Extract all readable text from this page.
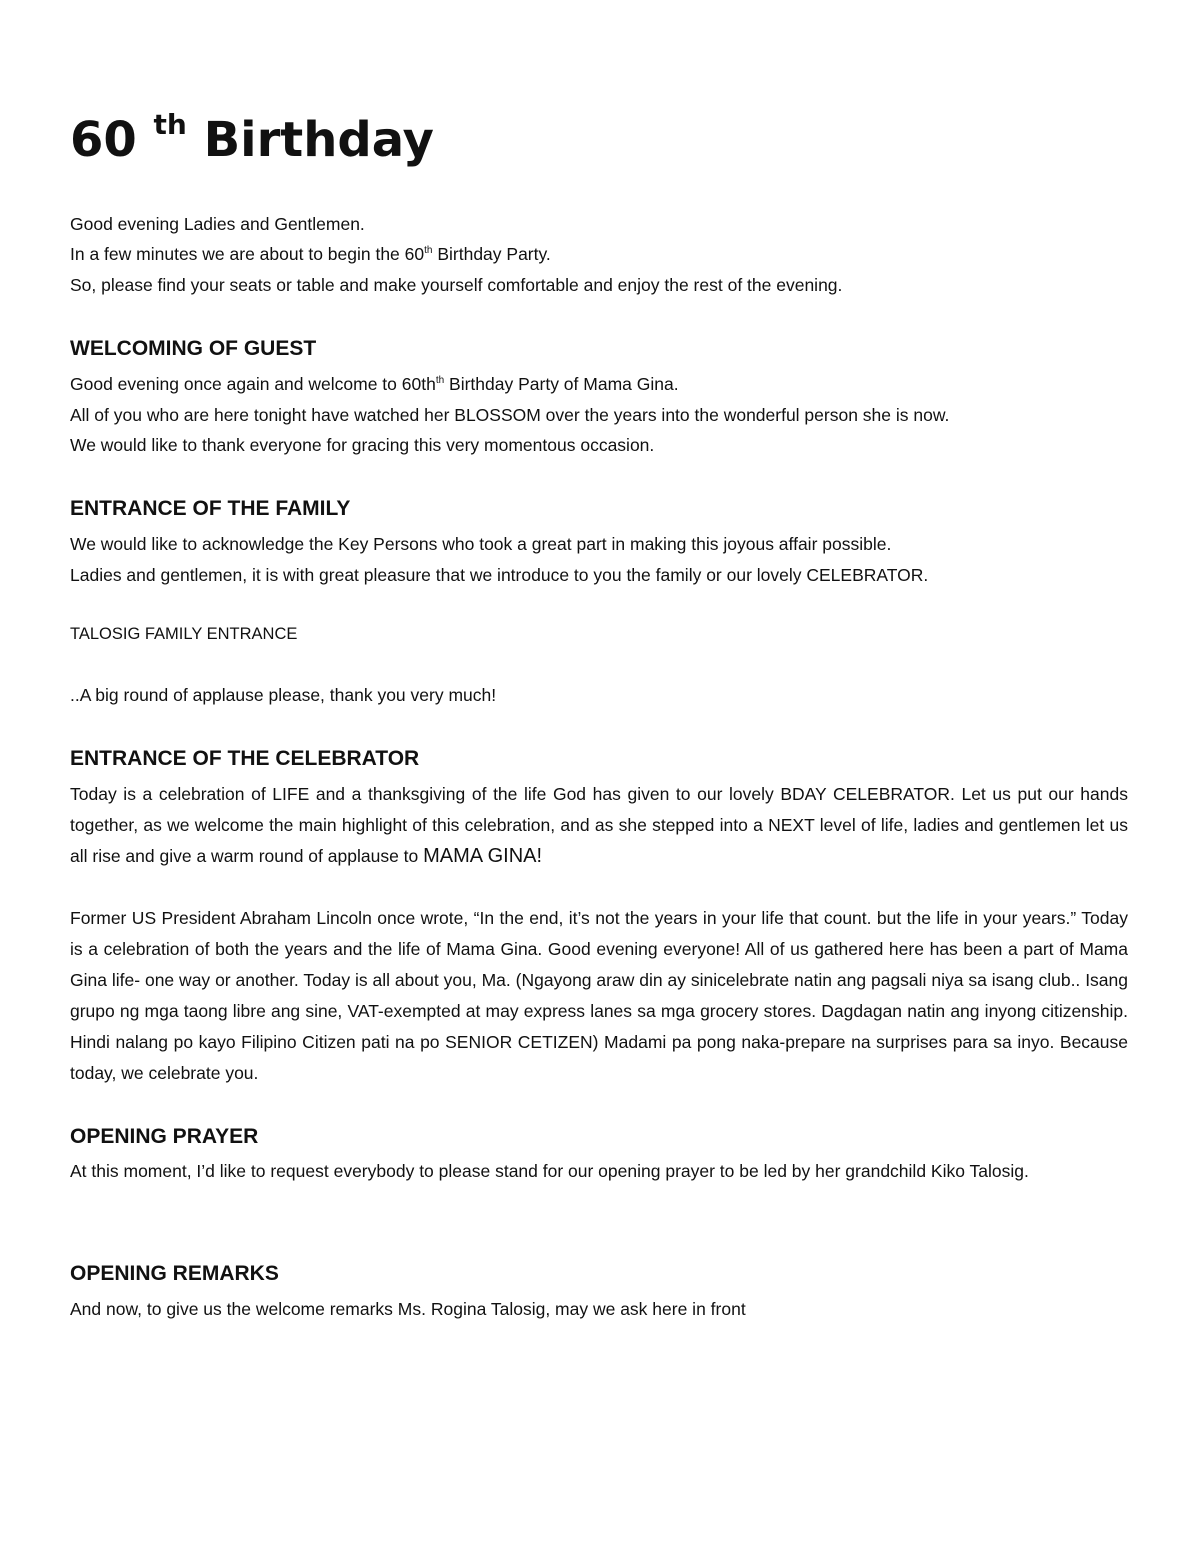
60 $^{th}$ Birthday

Good evening Ladies and Gentlemen.

In a few minutes we are about to begin the 60th Birthday Party.

So, please find your seats or table and make yourself comfortable and enjoy the rest of the evening.

WELCOMING OF GUEST

Good evening once again and welcome to $60th^{th}$ Birthday Party of Mama Gina.

All of you who are here tonight have watched her BLOSSOM over the years into the wonderful person she is now.

We would like to thank everyone for gracing this very momentous occasion.

ENTRANCE OF THE FAMILY

We would like to acknowledge the Key Persons who took a great part in making this joyous affair possible.

Ladies and gentlemen, it is with great pleasure that we introduce to you the family or our lovely CELEBRATOR.

TALOSIG FAMILY ENTRANCE

..A big round of applause please, thank you very much!

ENTRANCE OF THE CELEBRATOR

Today is a celebration of LIFE and a thanksgiving of the life God has given to our lovely BDAY CELEBRATOR. Let us put our hands together, as we welcome the main highlight of this celebration, and as she stepped into a NEXT level of life, ladies and gentlemen let us all rise and give a warm round of applause to MAMA GINA!

Former US President Abraham Lincoln once wrote, “In the end, it’s not the years in your life that count. but the life in your years.” Today is a celebration of both the years and the life of Mama Gina. Good evening everyone! All of us gathered here has been a part of Mama Gina life- one way or another. Today is all about you, Ma. (Ngayong araw din ay sinicelebrate natin ang pagsali niya sa isang club.. Isang grupo ng mga taong libre ang sine, VAT-exempted at may express lanes sa mga grocery stores. Dagdagan natin ang inyong citizenship. Hindi nalang po kayo Filipino Citizen pati na po SENIOR CETIZEN) Madami pa pong naka-prepare na surprises para sa inyo. Because today, we celebrate you.

OPENING PRAYER

At this moment, I’d like to request everybody to please stand for our opening prayer to be led by her grandchild Kiko Talosig.

OPENING REMARKS

And now, to give us the welcome remarks Ms. Rogina Talosig, may we ask here in front
